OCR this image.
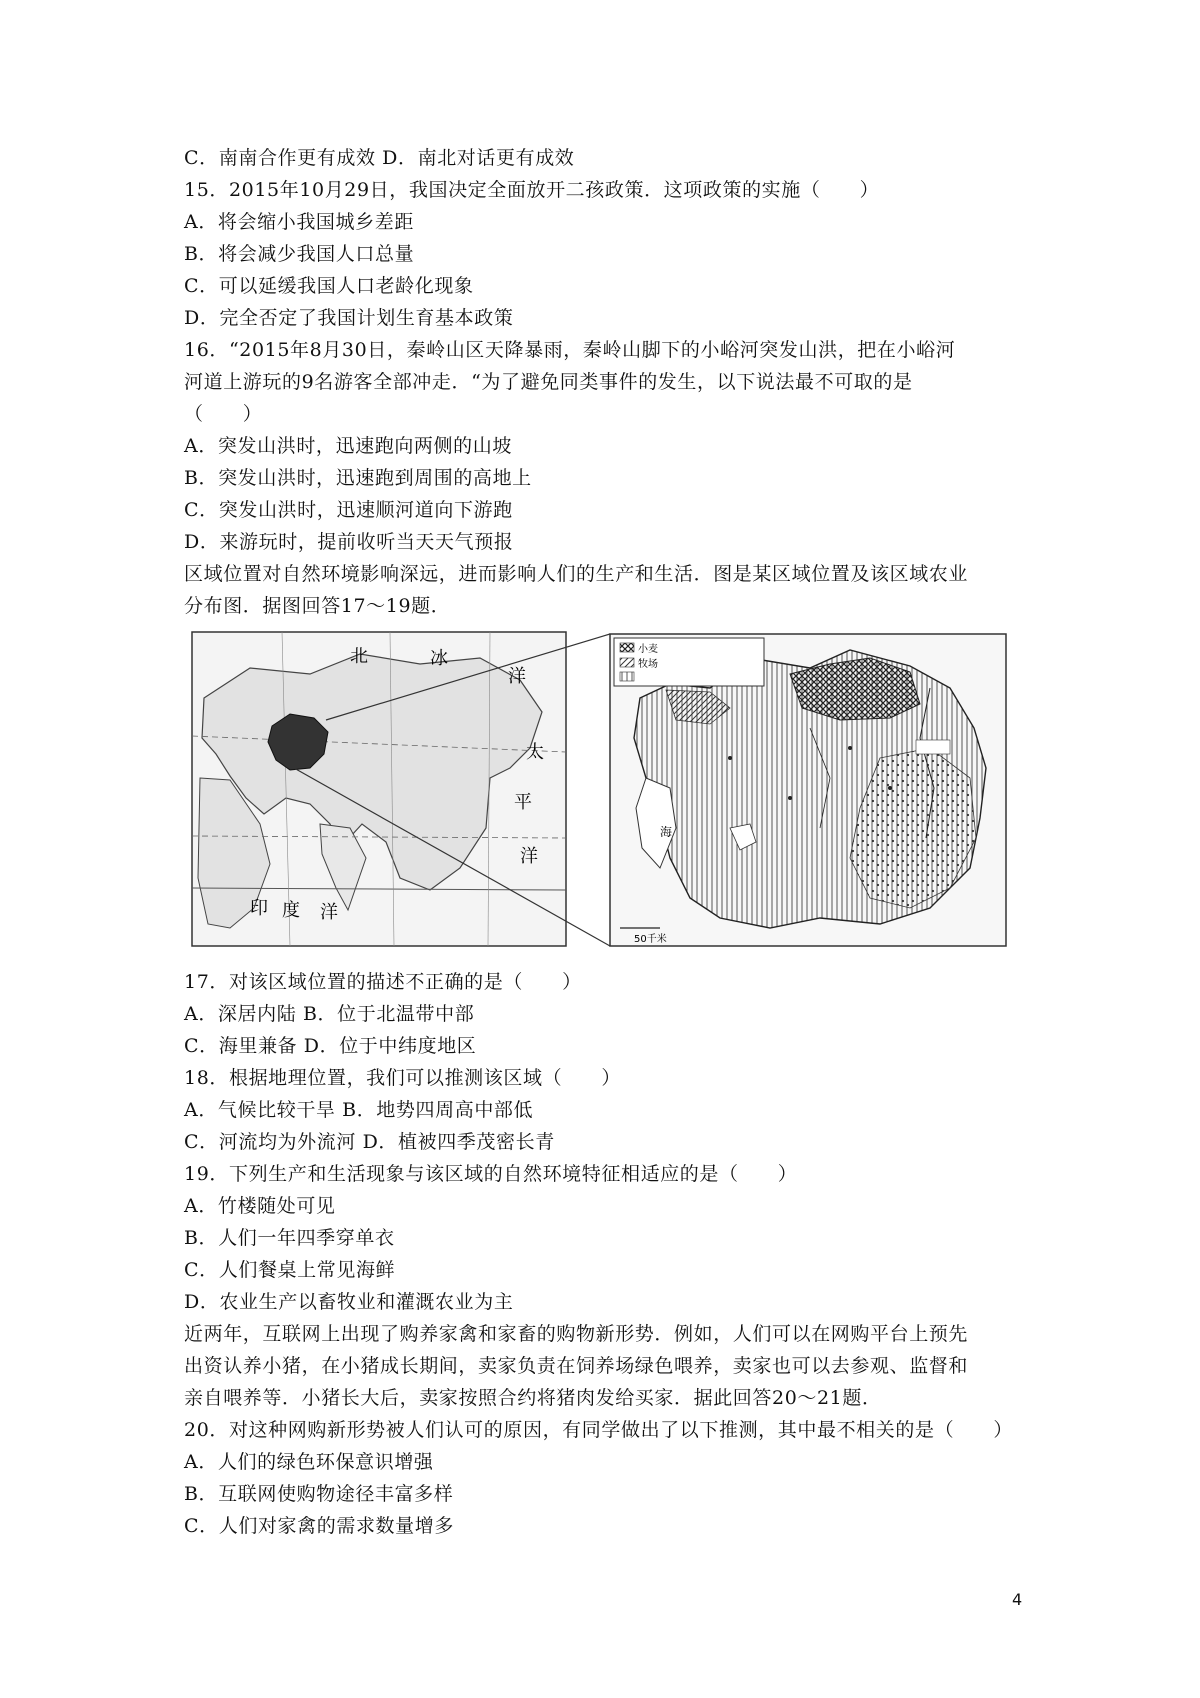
C．南南合作更有成效 D．南北对话更有成效
15．2015年10月29日，我国决定全面放开二孩政策．这项政策的实施（　　）
A．将会缩小我国城乡差距
B．将会减少我国人口总量
C．可以延缓我国人口老龄化现象
D．完全否定了我国计划生育基本政策
16．“2015年8月30日，秦岭山区天降暴雨，秦岭山脚下的小峪河突发山洪，把在小峪河
河道上游玩的9名游客全部冲走．“为了避免同类事件的发生，以下说法最不可取的是
（　　）
A．突发山洪时，迅速跑向两侧的山坡
B．突发山洪时，迅速跑到周围的高地上
C．突发山洪时，迅速顺河道向下游跑
D．来游玩时，提前收听当天天气预报
区域位置对自然环境影响深远，进而影响人们的生产和生活．图是某区域位置及该区域农业
分布图．据图回答17～19题．
北	冰
洋
太
平
洋
印 度 洋
小麦
牧场
海
50千米
17．对该区域位置的描述不正确的是（　　）
A．深居内陆 B．位于北温带中部
C．海里兼备 D．位于中纬度地区
18．根据地理位置，我们可以推测该区域（　　）
A．气候比较干旱 B．地势四周高中部低
C．河流均为外流河 D．植被四季茂密长青
19．下列生产和生活现象与该区域的自然环境特征相适应的是（　　）
A．竹楼随处可见
B．人们一年四季穿单衣
C．人们餐桌上常见海鲜
D．农业生产以畜牧业和灌溉农业为主
近两年，互联网上出现了购养家禽和家畜的购物新形势．例如，人们可以在网购平台上预先
出资认养小猪，在小猪成长期间，卖家负责在饲养场绿色喂养，卖家也可以去参观、监督和
亲自喂养等．小猪长大后，卖家按照合约将猪肉发给买家．据此回答20～21题．
20．对这种网购新形势被人们认可的原因，有同学做出了以下推测，其中最不相关的是（　　）
A．人们的绿色环保意识增强
B．互联网使购物途径丰富多样
C．人们对家禽的需求数量增多
4
